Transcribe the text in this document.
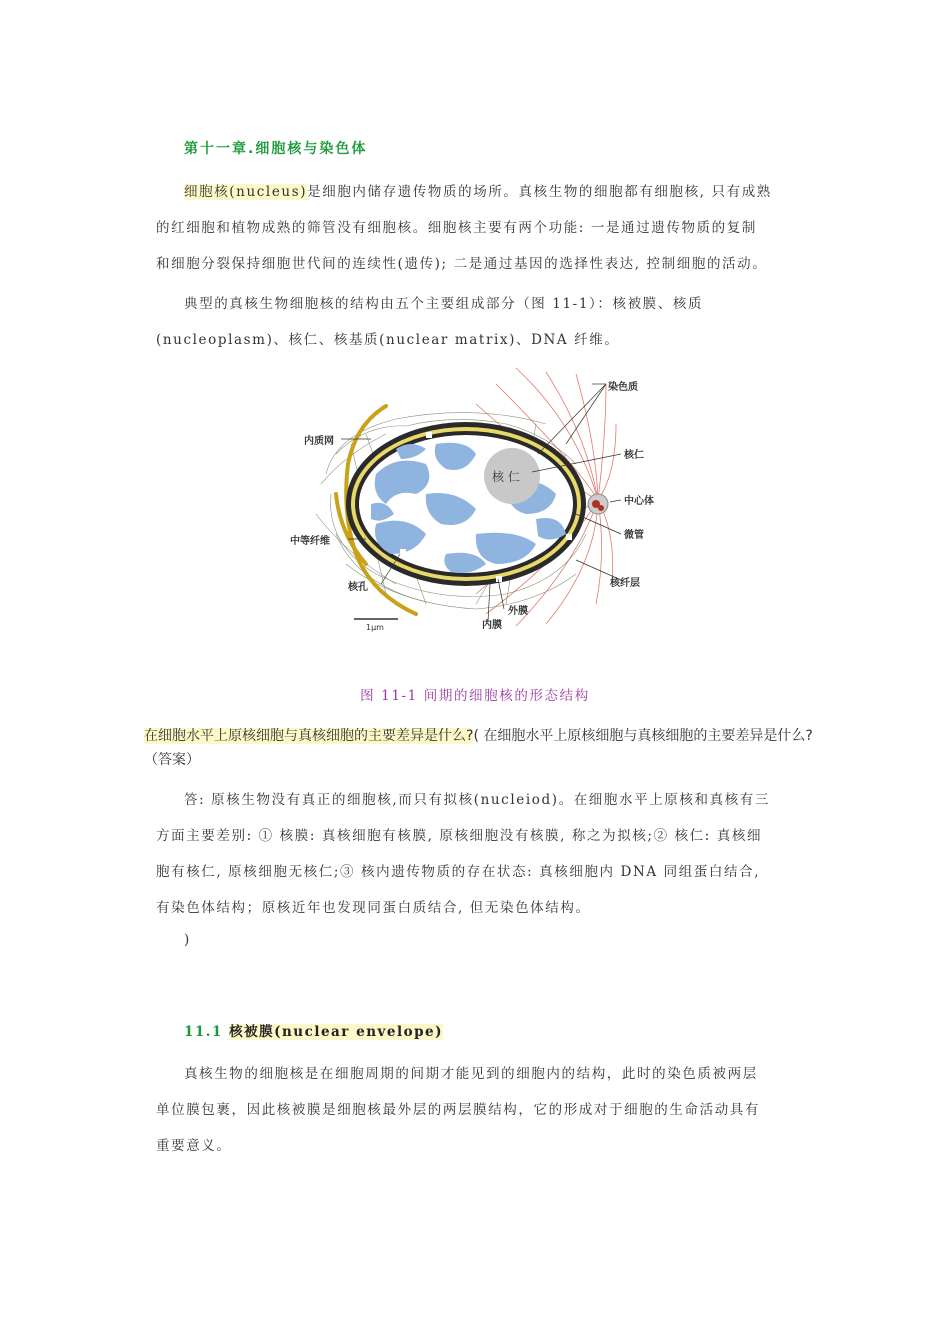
第十一章.细胞核与染色体
细胞核(nucleus)是细胞内储存遗传物质的场所。真核生物的细胞都有细胞核, 只有成熟
的红细胞和植物成熟的筛管没有细胞核。细胞核主要有两个功能: 一是通过遗传物质的复制
和细胞分裂保持细胞世代间的连续性(遗传); 二是通过基因的选择性表达, 控制细胞的活动。
典型的真核生物细胞核的结构由五个主要组成部分（图 11-1）：核被膜、核质
(nucleoplasm)、核仁、核基质(nuclear matrix)、DNA 纤维。
核 仁
染色质
内质网
核仁
中心体
中等纤维
微管
核孔	核纤层
外膜
内膜
1μm
图 11-1 间期的细胞核的形态结构
在细胞水平上原核细胞与真核细胞的主要差异是什么?( 在细胞水平上原核细胞与真核细胞的主要差异是什么?（答案）
答: 原核生物没有真正的细胞核,而只有拟核(nucleiod)。在细胞水平上原核和真核有三
方面主要差别: ① 核膜: 真核细胞有核膜, 原核细胞没有核膜, 称之为拟核;② 核仁: 真核细
胞有核仁, 原核细胞无核仁;③ 核内遗传物质的存在状态: 真核细胞内 DNA 同组蛋白结合,
有染色体结构；原核近年也发现同蛋白质结合, 但无染色体结构。
)
11.1 核被膜(nuclear envelope)
真核生物的细胞核是在细胞周期的间期才能见到的细胞内的结构，此时的染色质被两层
单位膜包裹，因此核被膜是细胞核最外层的两层膜结构，它的形成对于细胞的生命活动具有
重要意义。
